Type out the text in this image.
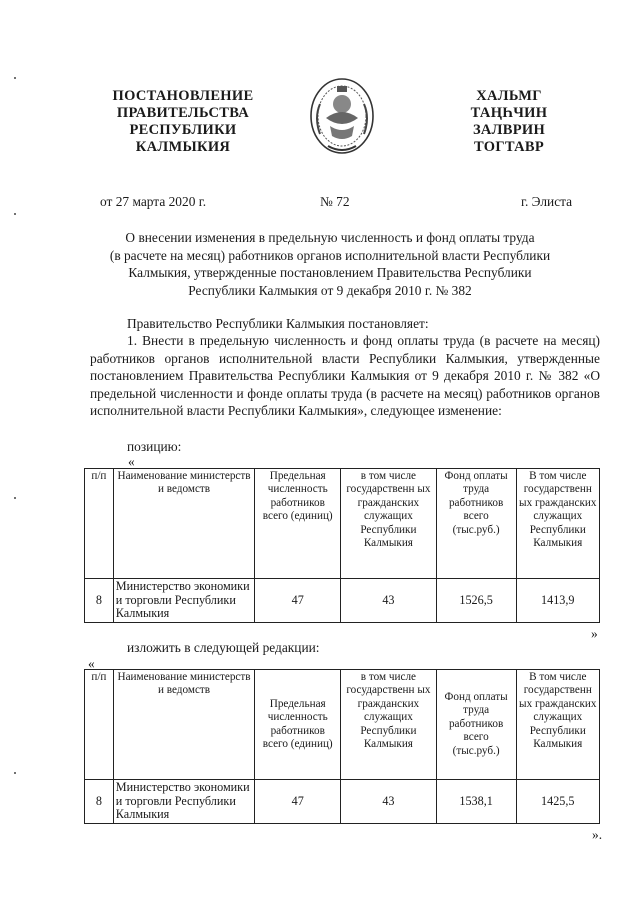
ПОСТАНОВЛЕНИЕ
ПРАВИТЕЛЬСТВА
РЕСПУБЛИКИ
КАЛМЫКИЯ
ХАЛЬМГ
ТАҢҺЧИН
ЗАЛВРИН
ТОГТАВР
от 27 марта 2020 г.	№ 72	г. Элиста
О внесении изменения в предельную численность и фонд оплаты труда
(в расчете на месяц) работников органов исполнительной власти Республики
Калмыкия, утвержденные постановлением Правительства Республики
Республики Калмыкия от 9 декабря 2010 г. № 382
Правительство Республики Калмыкия постановляет:
1. Внести в предельную численность и фонд оплаты труда (в расчете на месяц) работников органов исполнительной власти Республики Калмыкия, утвержденные постановлением Правительства Республики Калмыкия от 9 декабря 2010 г. № 382 «О предельной численности и фонде оплаты труда (в расчете на месяц) работников органов исполнительной власти Республики Калмыкия», следующее изменение:
позицию:
«
п/п	Наименование министерств и ведомств	Предельная численность работников всего (единиц)	в том числе государственн ых гражданских служащих Республики Калмыкия	Фонд оплаты труда работников всего (тыс.руб.)	В том числе государственн ых гражданских служащих Республики Калмыкия
8	Министерство экономики и торговли Республики Калмыкия	47	43	1526,5	1413,9
»
изложить в следующей редакции:
«
п/п	Наименование министерств и ведомств	Предельная численность работников всего (единиц)	в том числе государственн ых гражданских служащих Республики Калмыкия	Фонд оплаты труда работников всего (тыс.руб.)	В том числе государственн ых гражданских служащих Республики Калмыкия
8	Министерство экономики и торговли Республики Калмыкия	47	43	1538,1	1425,5
».
